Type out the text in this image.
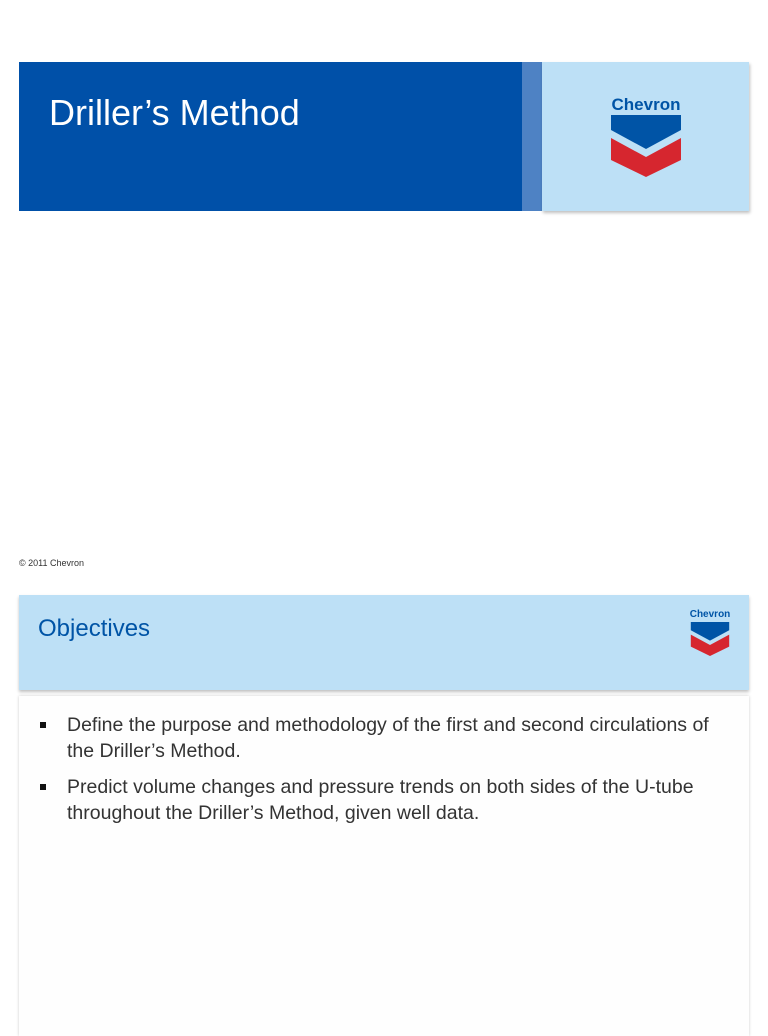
Driller’s Method	Chevron
© 2011 Chevron
Objectives
Chevron
Define the purpose and methodology of the first and second circulations of the Driller’s Method.
Predict volume changes and pressure trends on both sides of the U-tube throughout the Driller’s Method, given well data.
